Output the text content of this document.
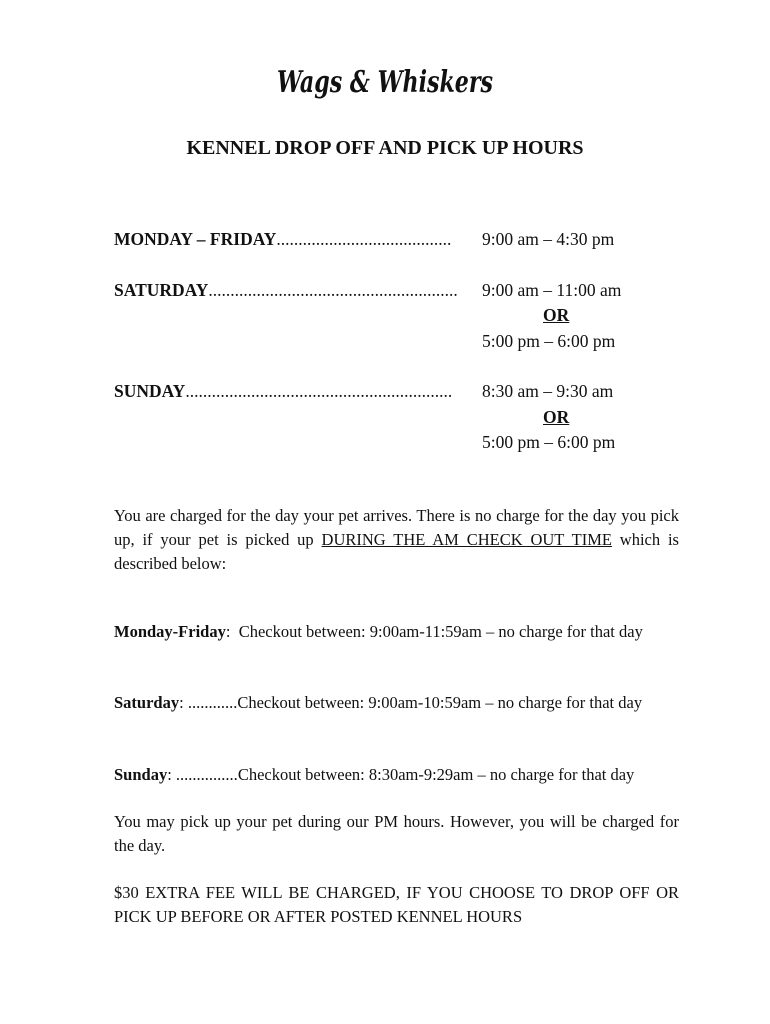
Wags & Whiskers
KENNEL DROP OFF AND PICK UP HOURS
MONDAY – FRIDAY........................................ 9:00 am – 4:30 pm
SATURDAY......................................................... 9:00 am – 11:00 am
OR
5:00 pm – 6:00 pm
SUNDAY............................................................. 8:30 am – 9:30 am
OR
5:00 pm – 6:00 pm
You are charged for the day your pet arrives. There is no charge for the day you pick up, if your pet is picked up DURING THE AM CHECK OUT TIME which is described below:
Monday-Friday:  Checkout between: 9:00am-11:59am – no charge for that day
Saturday: ............Checkout between: 9:00am-10:59am – no charge for that day
Sunday: ...............Checkout between: 8:30am-9:29am – no charge for that day
You may pick up your pet during our PM hours. However, you will be charged for the day.
$30 EXTRA FEE WILL BE CHARGED, IF YOU CHOOSE TO DROP OFF OR PICK UP BEFORE OR AFTER POSTED KENNEL HOURS
